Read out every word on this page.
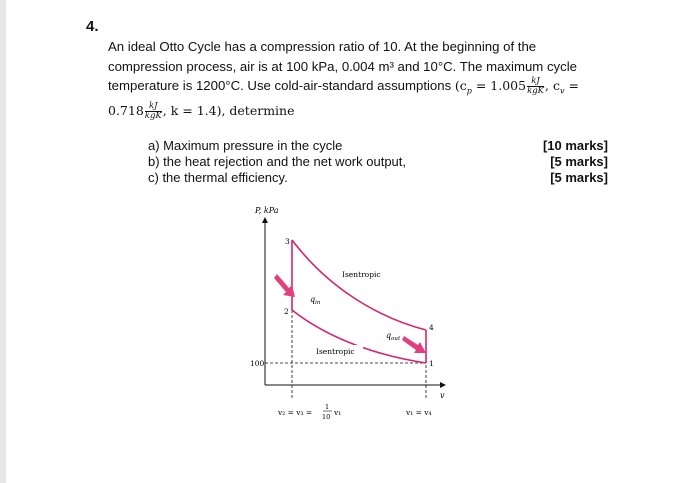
4.
An ideal Otto Cycle has a compression ratio of 10. At the beginning of the
compression process, air is at 100 kPa, 0.004 m³ and 10°C. The maximum cycle
temperature is 1200°C. Use cold-air-standard assumptions ($c_p = 1.005 \frac{kJ}{\text{kgK}}$ , $c_v$ =
$0.718 \frac{kJ}{\text{kgK}}$ , k = 1.4), determine
a) Maximum pressure in the cycle
b) the heat rejection and the net work output,
c) the thermal efficiency.
[10 marks]
[5 marks]
[5 marks]
P, kPa
v
100
3
2
4
1
Isentropic
Isentropic
$q_{in}$
$q_{out}$
v₂ = v₃ =
1
10 v₁	v₁ = v₄
